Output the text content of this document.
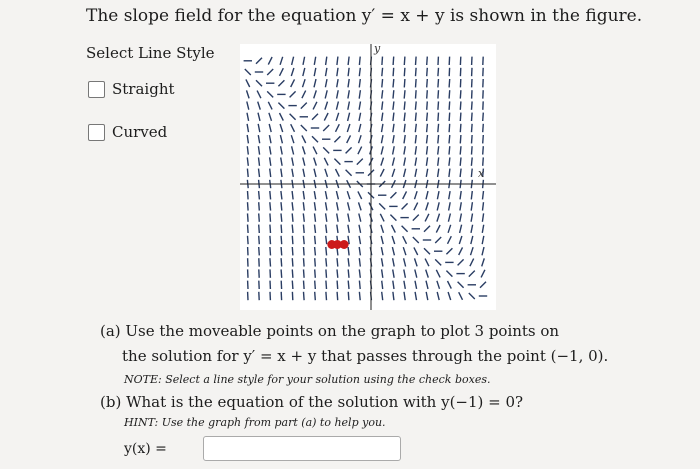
The slope field for the equation y′ = x + y is shown in the figure.
Select Line Style
Straight
Curved
x
y
(a) Use the moveable points on the graph to plot 3 points on
the solution for y′ = x + y that passes through the point (−1, 0).
NOTE: Select a line style for your solution using the check boxes.
(b) What is the equation of the solution with y(−1) = 0?
HINT: Use the graph from part (a) to help you.
y(x) =
